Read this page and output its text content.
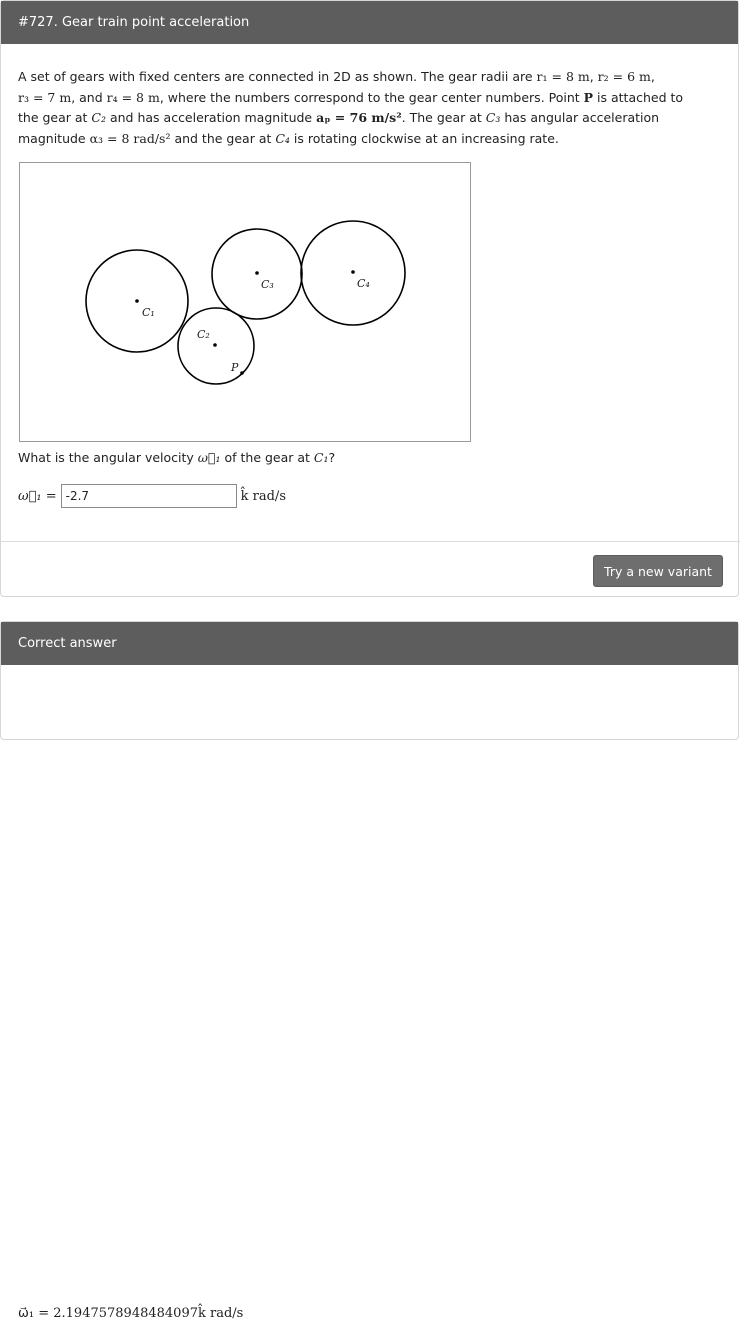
#727. Gear train point acceleration
A set of gears with fixed centers are connected in 2D as shown. The gear radii are r₁ = 8 m, r₂ = 6 m,
r₃ = 7 m, and r₄ = 8 m, where the numbers correspond to the gear center numbers. Point P is attached to
the gear at C₂ and has acceleration magnitude aₚ = 76 m/s². The gear at C₃ has angular acceleration
magnitude α₃ = 8 rad/s² and the gear at C₄ is rotating clockwise at an increasing rate.
C₁
C₂
C₃	C₄
P
What is the angular velocity ω⃗₁ of the gear at C₁?
ω⃗₁ =
-2.7	k̂ rad/s
Try a new variant
Correct answer
ω⃗₁ = 2.1947578948484097k̂ rad/s
